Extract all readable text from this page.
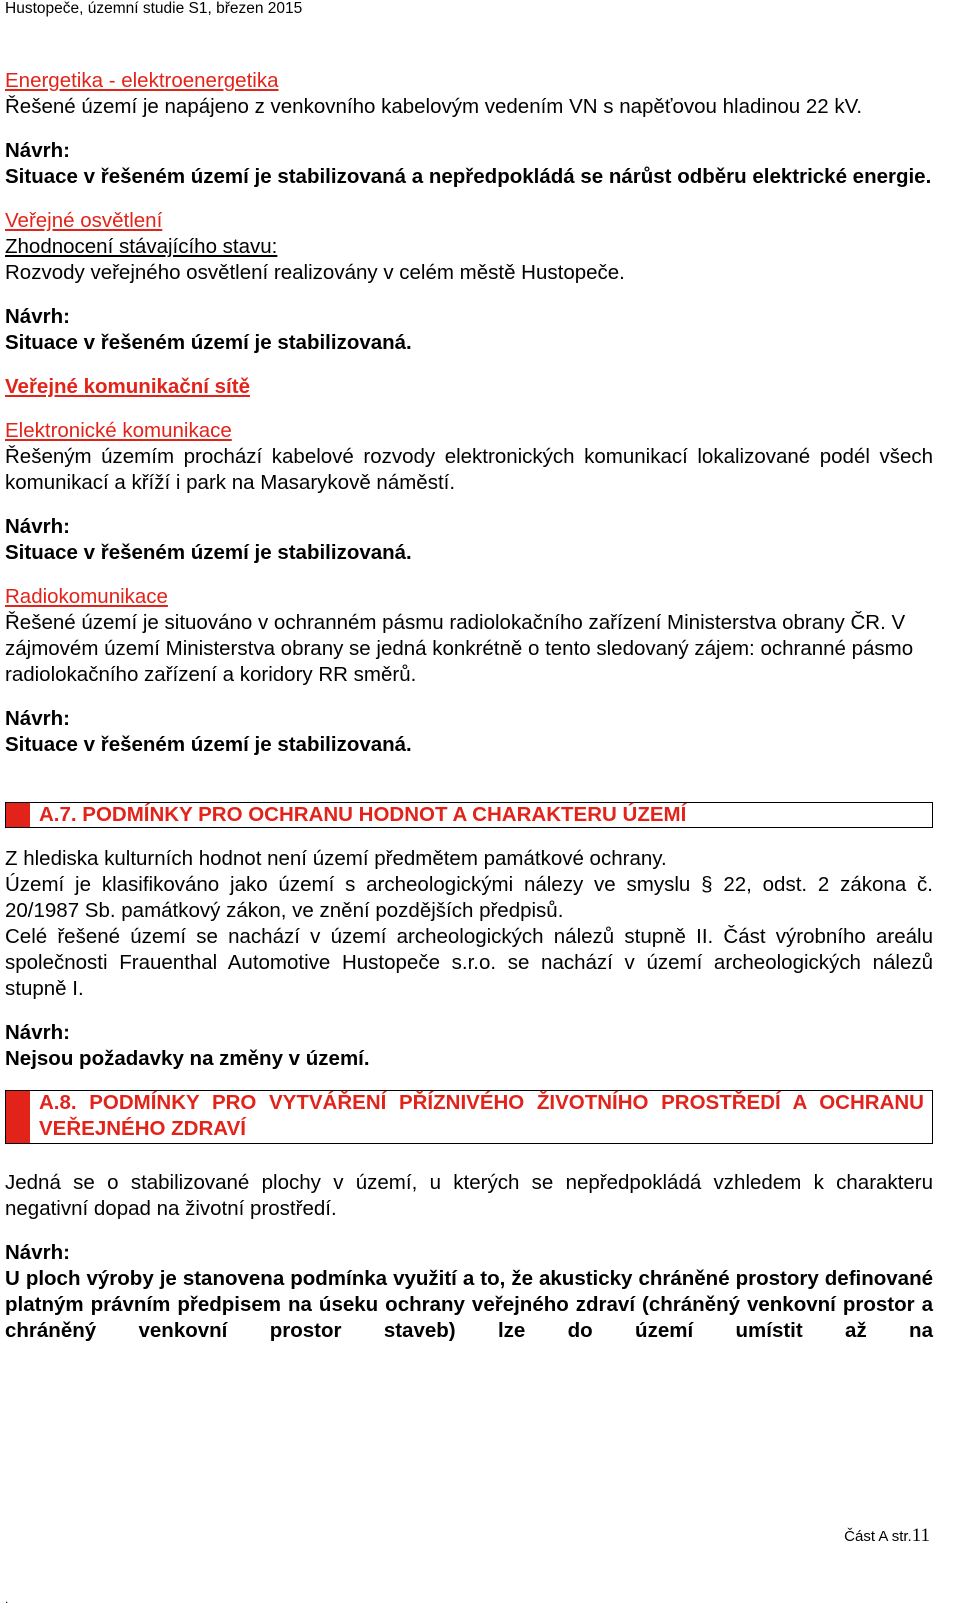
Hustopeče, územní studie S1, březen 2015

Energetika - elektroenergetika

Řešené území je napájeno z venkovního kabelovým vedením VN s napěťovou hladinou 22 kV.

Návrh:

Situace v řešeném území je stabilizovaná a nepředpokládá se nárůst odběru elektrické energie.

Veřejné osvětlení

Zhodnocení stávajícího stavu:

Rozvody veřejného osvětlení realizovány v celém městě Hustopeče.

Návrh:

Situace v řešeném území je stabilizovaná.

Veřejné komunikační sítě

Elektronické komunikace

Řešeným územím prochází kabelové rozvody elektronických komunikací lokalizované podél všech komunikací a kříží i park na Masarykově náměstí.

Návrh:

Situace v řešeném území je stabilizovaná.

Radiokomunikace

Řešené území je situováno v ochranném pásmu radiolokačního zařízení Ministerstva obrany ČR. V zájmovém území Ministerstva obrany se jedná konkrétně o tento sledovaný zájem: ochranné pásmo radiolokačního zařízení a koridory RR směrů.

Návrh:

Situace v řešeném území je stabilizovaná.

A.7. PODMÍNKY PRO OCHRANU HODNOT A CHARAKTERU ÚZEMÍ

Z hlediska kulturních hodnot není území předmětem památkové ochrany.

Území je klasifikováno jako území s archeologickými nálezy ve smyslu § 22, odst. 2 zákona č. 20/1987 Sb. památkový zákon, ve znění pozdějších předpisů.

Celé řešené území se nachází v území archeologických nálezů stupně II. Část výrobního areálu společnosti Frauenthal Automotive Hustopeče s.r.o. se nachází v území archeologických nálezů stupně I.

Návrh:

Nejsou požadavky na změny v území.

A.8. PODMÍNKY PRO VYTVÁŘENÍ PŘÍZNIVÉHO ŽIVOTNÍHO PROSTŘEDÍ A OCHRANU VEŘEJNÉHO ZDRAVÍ

Jedná se o stabilizované plochy v území, u kterých se nepředpokládá vzhledem k charakteru negativní dopad na životní prostředí.

Návrh:

U ploch výroby je stanovena podmínka využití a to, že akusticky chráněné prostory definované platným právním předpisem na úseku ochrany veřejného zdraví (chráněný venkovní prostor a chráněný venkovní prostor staveb) lze do území umístit až na

Část A str.11
.
